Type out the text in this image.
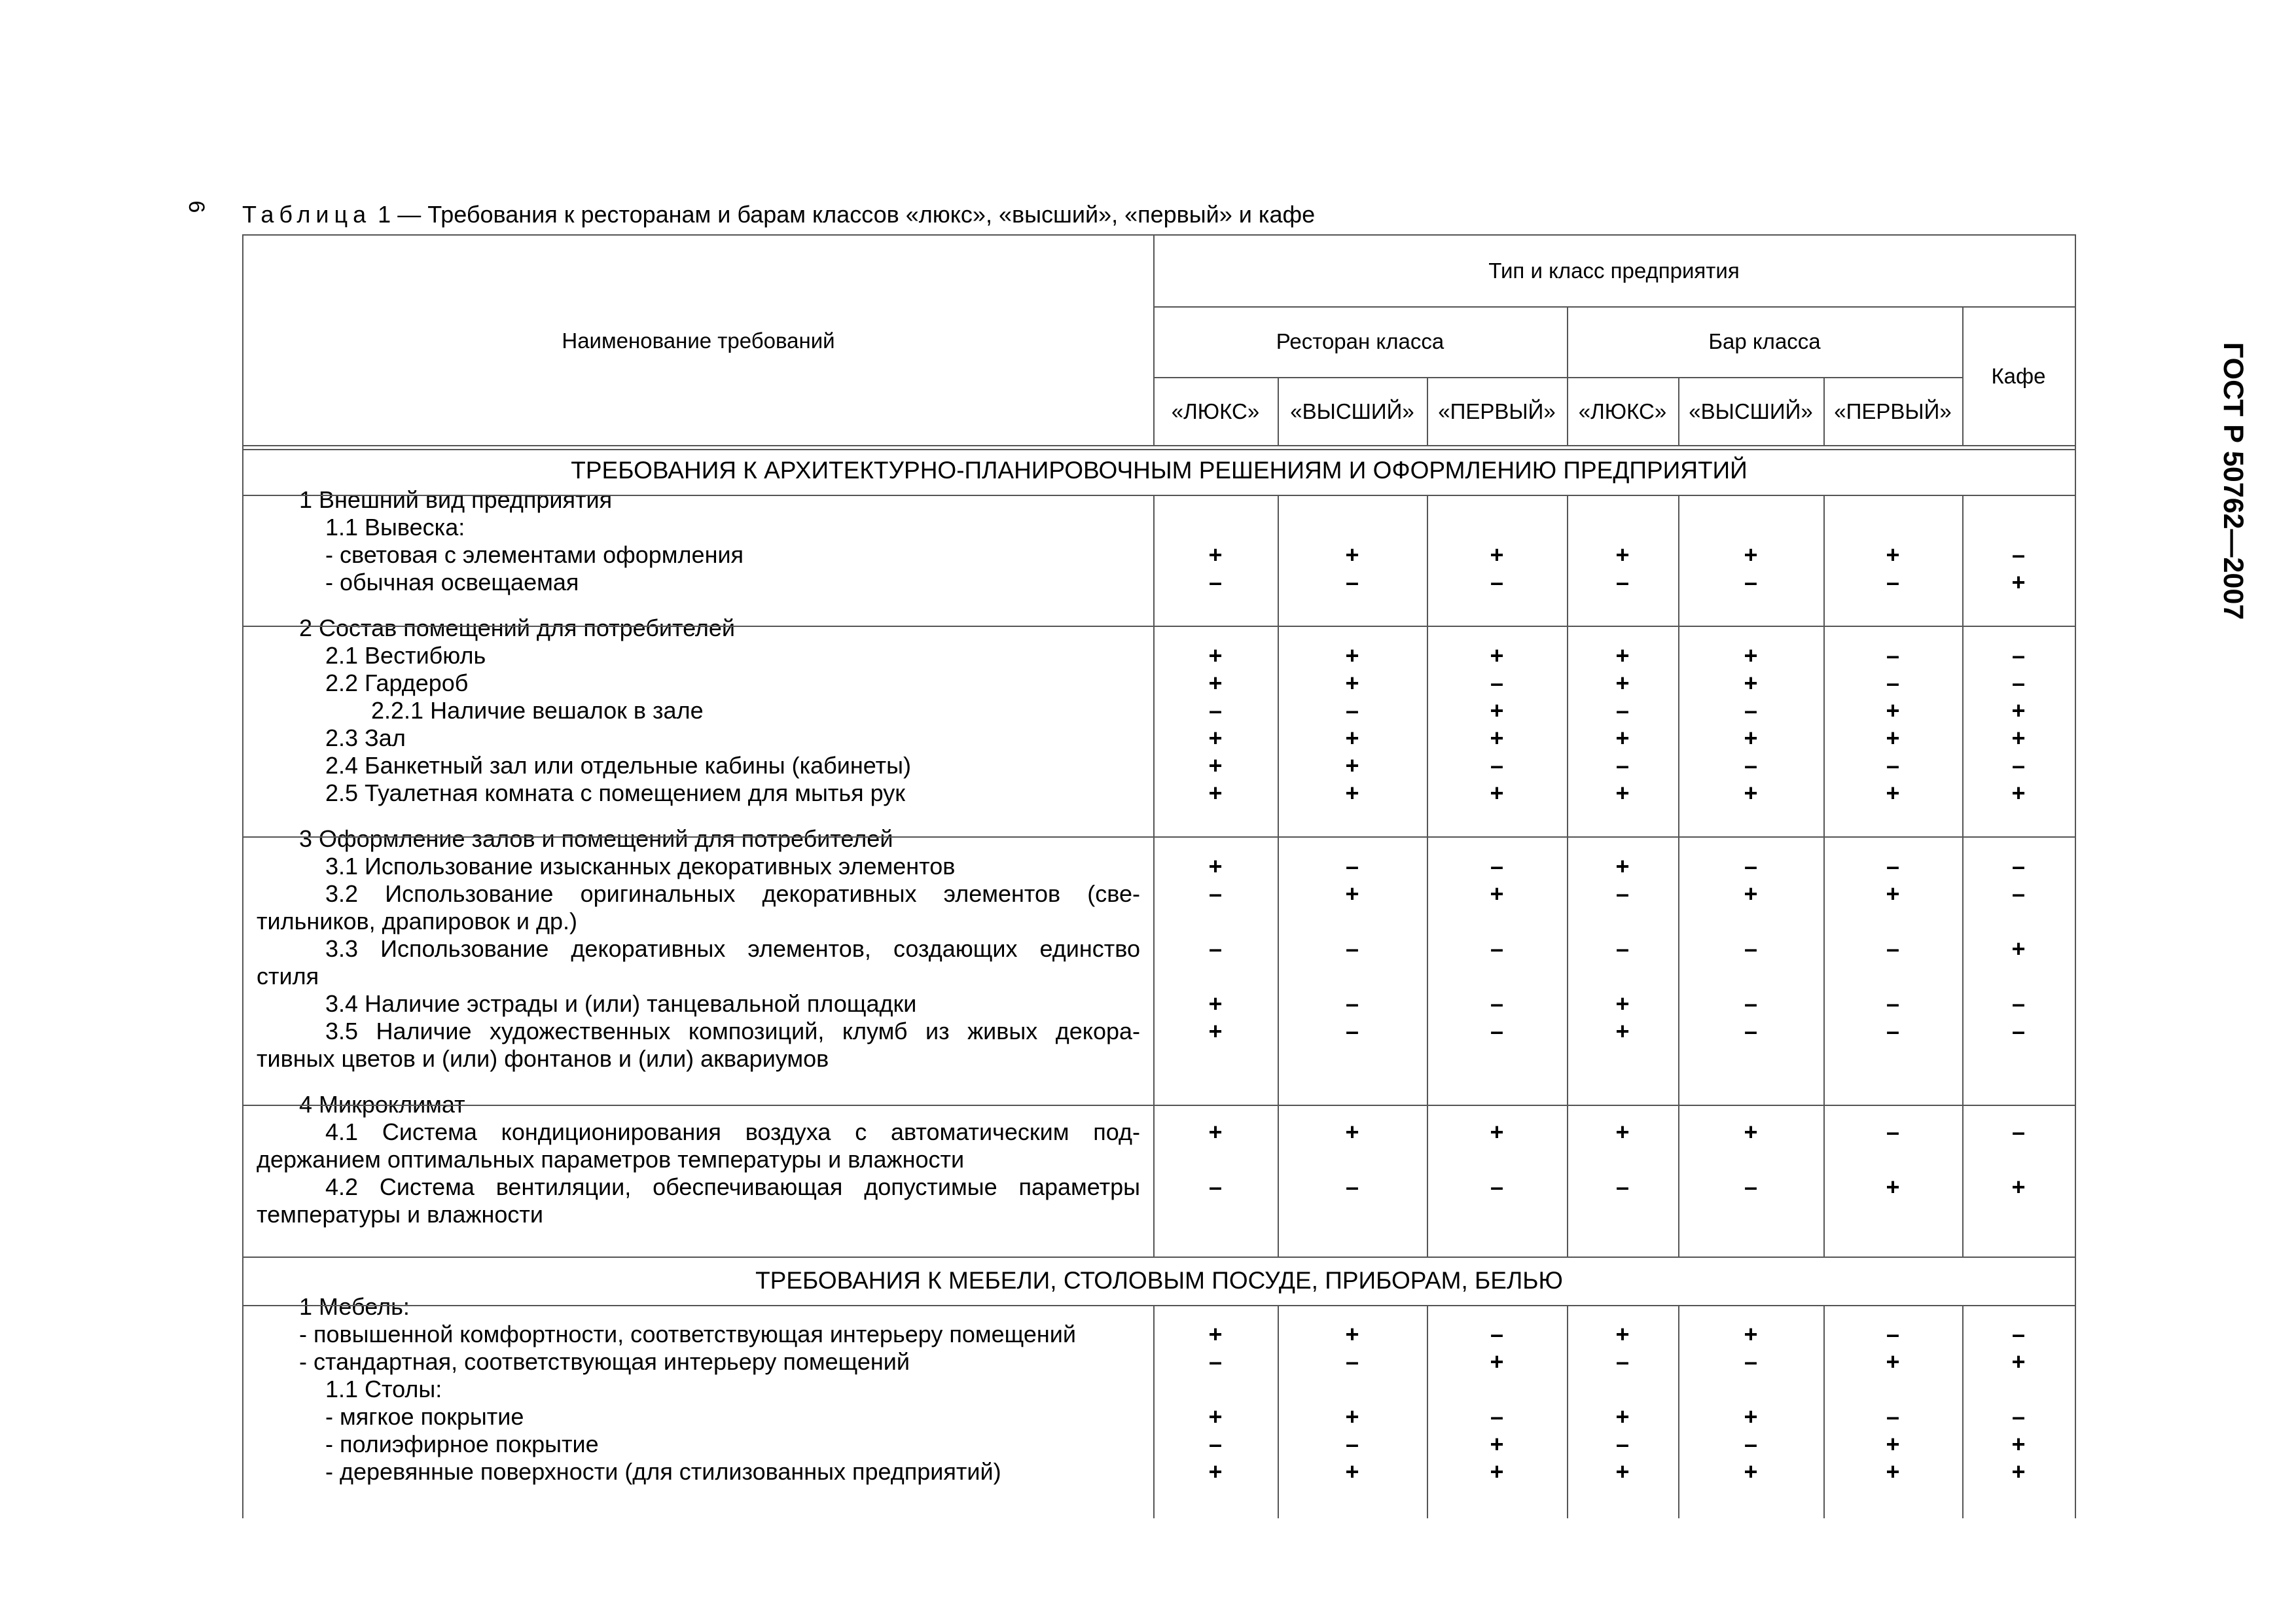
6
ГОСТ Р 50762—2007
Таблица 1 — Требования к ресторанам и барам классов «люкс», «высший», «первый» и кафе
Наименование требований
Тип и класс предприятия
Ресторан класса	Бар класса
Кафе
«ЛЮКС»	«ВЫСШИЙ»	«ПЕРВЫЙ»	«ЛЮКС»	«ВЫСШИЙ» «ПЕРВЫЙ»
ТРЕБОВАНИЯ К АРХИТЕКТУРНО-ПЛАНИРОВОЧНЫМ РЕШЕНИЯМ И ОФОРМЛЕНИЮ ПРЕДПРИЯТИЙ
ТРЕБОВАНИЯ К МЕБЕЛИ, СТОЛОВЫМ ПОСУДЕ, ПРИБОРАМ, БЕЛЬЮ
1 Внешний вид предприятия
1.1 Вывеска:
- световая с элементами оформления	+	+	+	+	+	+	–
- обычная освещаемая	–	–	–	–	–	–	+
2 Состав помещений для потребителей
2.1 Вестибюль	+	+	+	+	+	–	–
2.2 Гардероб	+	+	–	+	+	–	–
2.2.1 Наличие вешалок в зале	–	–	+	–	–	+	+
2.3 Зал	+	+	+	+	+	+	+
2.4 Банкетный зал или отдельные кабины (кабинеты)	+	+	–	–	–	–	–
2.5 Туалетная комната с помещением для мытья рук	+	+	+	+	+	+	+
3 Оформление залов и помещений для потребителей
3.1 Использование изысканных декоративных элементов	+	–	–	+	–	–	–
3.2 Использование оригинальных декоративных элементов (све-	–	+	+	–	+	+	–
тильников, драпировок и др.)
3.3 Использование декоративных элементов, создающих единство	–	–	–	–	–	–	+
стиля
3.4 Наличие эстрады и (или) танцевальной площадки	+	–	–	+	–	–	–
3.5 Наличие художественных композиций, клумб из живых декора-	+	–	–	+	–	–	–
тивных цветов и (или) фонтанов и (или) аквариумов
4 Микроклимат
4.1 Система кондиционирования воздуха с автоматическим под-	+	+	+	+	+	–	–
держанием оптимальных параметров температуры и влажности
4.2 Система вентиляции, обеспечивающая допустимые параметры	–	–	–	–	–	+	+
температуры и влажности
1 Мебель:
- повышенной комфортности, соответствующая интерьеру помещений	+	+	–	+	+	–	–
- стандартная, соответствующая интерьеру помещений	–	–	+	–	–	+	+
1.1 Столы:
- мягкое покрытие	+	+	–	+	+	–	–
- полиэфирное покрытие	–	–	+	–	–	+	+
- деревянные поверхности (для стилизованных предприятий)	+	+	+	+	+	+	+
